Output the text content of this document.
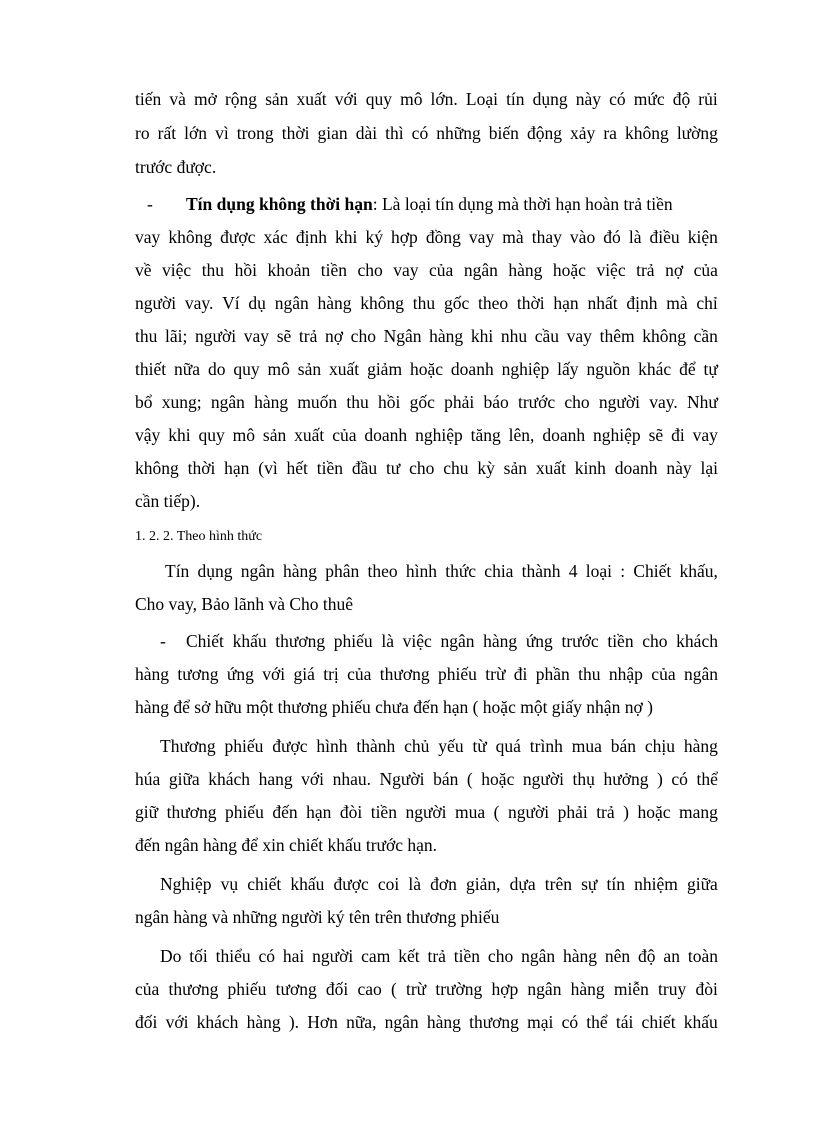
tiến và mở rộng sản xuất với quy mô lớn. Loại tín dụng này có mức độ rủi
ro rất lớn vì trong thời gian dài thì có những biến động xảy ra không lường
trước được.
- Tín dụng không thời hạn: Là loại tín dụng mà thời hạn hoàn trả tiền
vay không được xác định khi ký hợp đồng vay mà thay vào đó là điều kiện
về việc thu hồi khoản tiền cho vay của ngân hàng hoặc việc trả nợ của
người vay. Ví dụ ngân hàng không thu gốc theo thời hạn nhất định mà chỉ
thu lãi; người vay sẽ trả nợ cho Ngân hàng khi nhu cầu vay thêm không cần
thiết nữa do quy mô sản xuất giảm hoặc doanh nghiệp lấy nguồn khác để tự
bổ xung; ngân hàng muốn thu hồi gốc phải báo trước cho người vay. Như
vậy khi quy mô sản xuất của doanh nghiệp tăng lên, doanh nghiệp sẽ đi vay
không thời hạn (vì hết tiền đầu tư cho chu kỳ sản xuất kinh doanh này lại
cần tiếp).
1. 2. 2. Theo hình thức
Tín dụng ngân hàng phân theo hình thức chia thành 4 loại : Chiết khấu,
Cho vay, Bảo lãnh và Cho thuê
- Chiết khấu thương phiếu là việc ngân hàng ứng trước tiền cho khách
hàng tương ứng với giá trị của thương phiếu trừ đi phần thu nhập của ngân
hàng để sở hữu một thương phiếu chưa đến hạn ( hoặc một giấy nhận nợ )
Thương phiếu được hình thành chủ yếu từ quá trình mua bán chịu hàng
húa giữa khách hang với nhau. Người bán ( hoặc người thụ hưởng ) có thể
giữ thương phiếu đến hạn đòi tiền người mua ( người phải trả ) hoặc mang
đến ngân hàng để xin chiết khấu trước hạn.
Nghiệp vụ chiết khấu được coi là đơn giản, dựa trên sự tín nhiệm giữa
ngân hàng và những người ký tên trên thương phiếu
Do tối thiểu có hai người cam kết trả tiền cho ngân hàng nên độ an toàn
của thương phiếu tương đối cao ( trừ trường hợp ngân hàng miễn truy đòi
đối với khách hàng ). Hơn nữa, ngân hàng thương mại có thể tái chiết khấu
